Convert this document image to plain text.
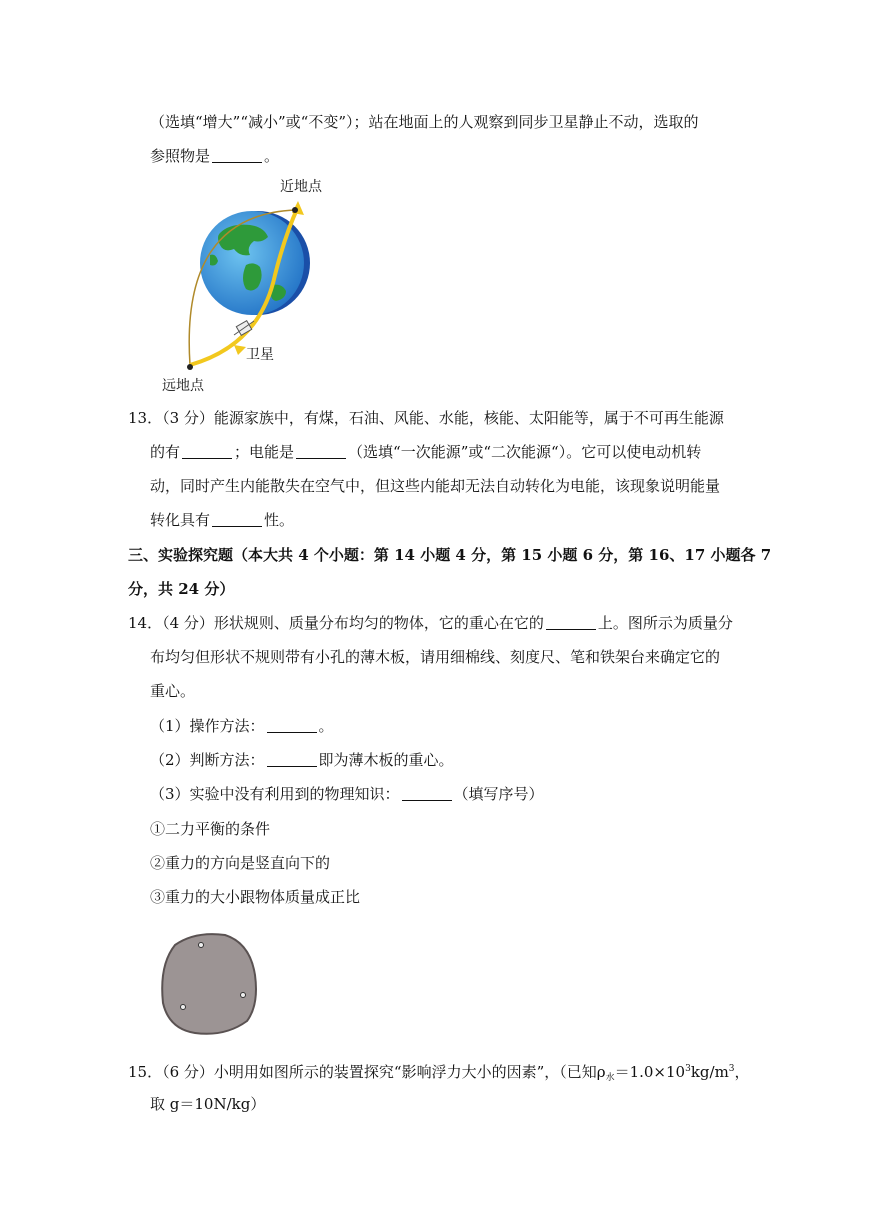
（选填“增大”“减小”或“不变”）；站在地面上的人观察到同步卫星静止不动，选取的
参照物是	。
近地点
卫星
远地点
13．（3 分）能源家族中，有煤，石油、风能、水能，核能、太阳能等，属于不可再生能源
的有	；电能是	（选填“一次能源”或“二次能源“）。它可以使电动机转
动，同时产生内能散失在空气中，但这些内能却无法自动转化为电能，该现象说明能量
转化具有	性。
三、实验探究题（本大共 4 个小题：第 14 小题 4 分，第 15 小题 6 分，第 16、17 小题各 7
分，共 24 分）
14．（4 分）形状规则、质量分布均匀的物体，它的重心在它的	上。图所示为质量分
布均匀但形状不规则带有小孔的薄木板，请用细棉线、刻度尺、笔和铁架台来确定它的
重心。
（1）操作方法：	。
（2）判断方法：	即为薄木板的重心。
（3）实验中没有利用到的物理知识：	（填写序号）
①二力平衡的条件
②重力的方向是竖直向下的
③重力的大小跟物体质量成正比
15．（6 分）小明用如图所示的装置探究“影响浮力大小的因素”，（已知$\rho_水=1.0\times 10^3kg/m^3$，
取 g＝10N/kg）
